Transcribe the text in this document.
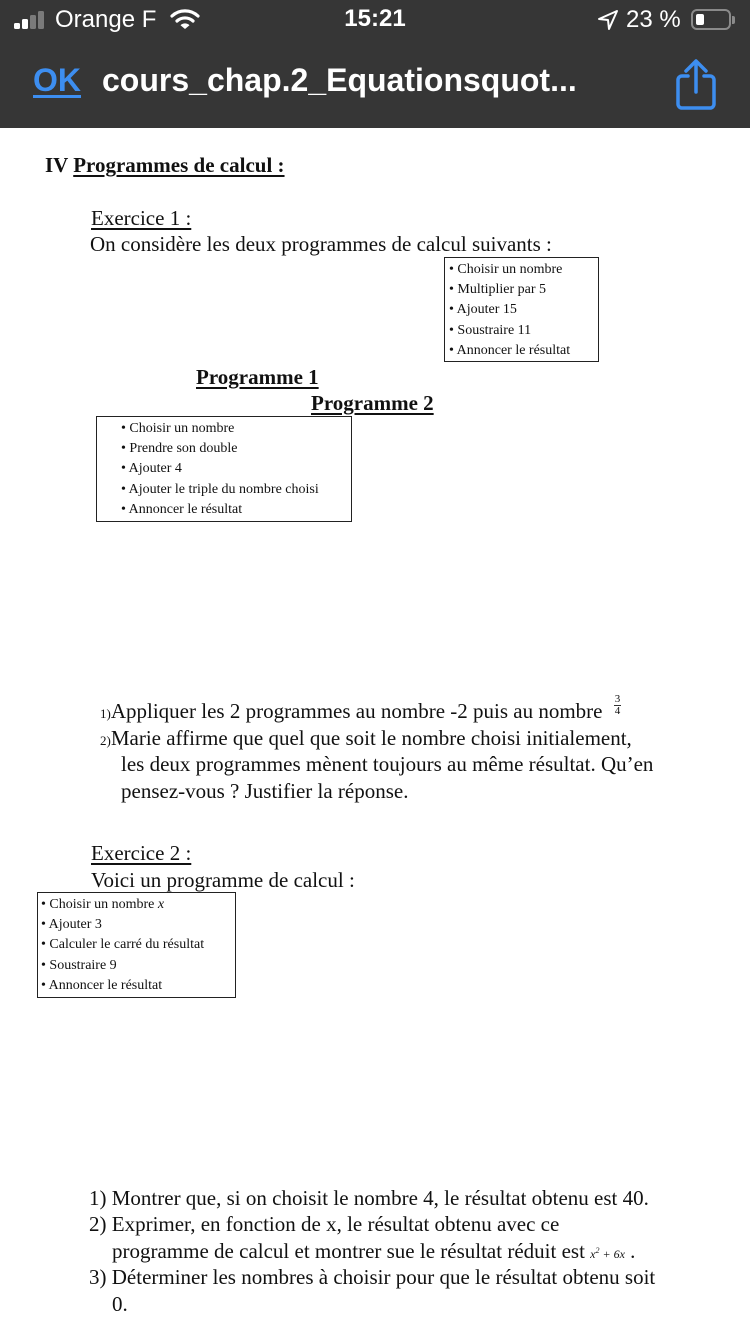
Orange F	15:21	23 %
OK cours_chap.2_Equationsquot...
IV Programmes de calcul :
Exercice 1 :
On considère les deux programmes de calcul suivants :
• Choisir un nombre
• Multiplier par 5
• Ajouter 15
• Soustraire 11
• Annoncer le résultat
Programme 1
Programme 2
• Choisir un nombre
• Prendre son double
• Ajouter 4
• Ajouter le triple du nombre choisi
• Annoncer le résultat
1)Appliquer les 2 programmes au nombre -2 puis au nombre $\frac{3}{4}$
2)Marie affirme que quel que soit le nombre choisi initialement,
les deux programmes mènent toujours au même résultat. Qu’en
pensez-vous ? Justifier la réponse.
Exercice 2 :
Voici un programme de calcul :
• Choisir un nombre x
• Ajouter 3
• Calculer le carré du résultat
• Soustraire 9
• Annoncer le résultat
1) Montrer que, si on choisit le nombre 4, le résultat obtenu est 40.
2) Exprimer, en fonction de x, le résultat obtenu avec ce
programme de calcul et montrer sue le résultat réduit est $x^2 + 6x$ .
3) Déterminer les nombres à choisir pour que le résultat obtenu soit
0.
